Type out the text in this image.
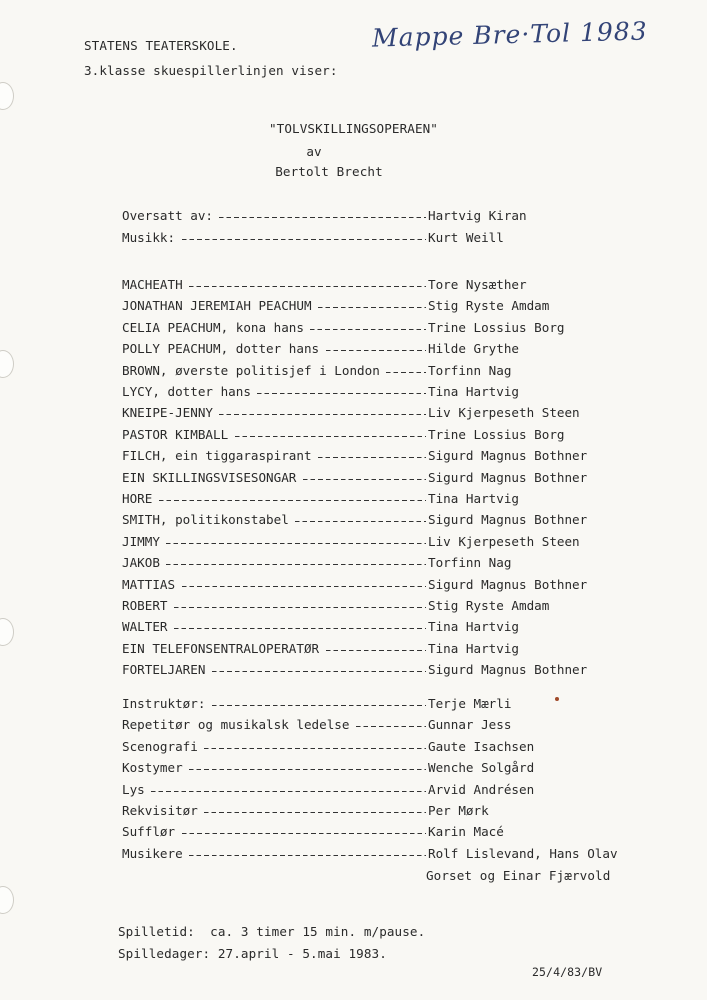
STATENS TEATERSKOLE.
3.klasse skuespillerlinjen viser:
Mappe Bre·Tol 1983
"TOLVSKILLINGSOPERAEN"
av
Bertolt Brecht
Oversatt av:	Hartvig Kiran
Musikk:	Kurt Weill
MACHEATH	Tore Nysæther
JONATHAN JEREMIAH PEACHUM	Stig Ryste Amdam
CELIA PEACHUM, kona hans	Trine Lossius Borg
POLLY PEACHUM, dotter hans	Hilde Grythe
BROWN, øverste politisjef i London	Torfinn Nag
LYCY, dotter hans	Tina Hartvig
KNEIPE-JENNY	Liv Kjerpeseth Steen
PASTOR KIMBALL	Trine Lossius Borg
FILCH, ein tiggaraspirant	Sigurd Magnus Bothner
EIN SKILLINGSVISESONGAR	Sigurd Magnus Bothner
HORE	Tina Hartvig
SMITH, politikonstabel	Sigurd Magnus Bothner
JIMMY	Liv Kjerpeseth Steen
JAKOB	Torfinn Nag
MATTIAS	Sigurd Magnus Bothner
ROBERT	Stig Ryste Amdam
WALTER	Tina Hartvig
EIN TELEFONSENTRALOPERATØR	Tina Hartvig
FORTELJAREN	Sigurd Magnus Bothner
Instruktør:	Terje Mærli
Repetitør og musikalsk ledelse	Gunnar Jess
Scenografi	Gaute Isachsen
Kostymer	Wenche Solgård
Lys	Arvid Andrésen
Rekvisitør	Per Mørk
Sufflør	Karin Macé
Musikere	Rolf Lislevand, Hans Olav
Gorset og Einar Fjærvold
Spilletid:  ca. 3 timer 15 min. m/pause.
Spilledager: 27.april - 5.mai 1983.
25/4/83/BV
